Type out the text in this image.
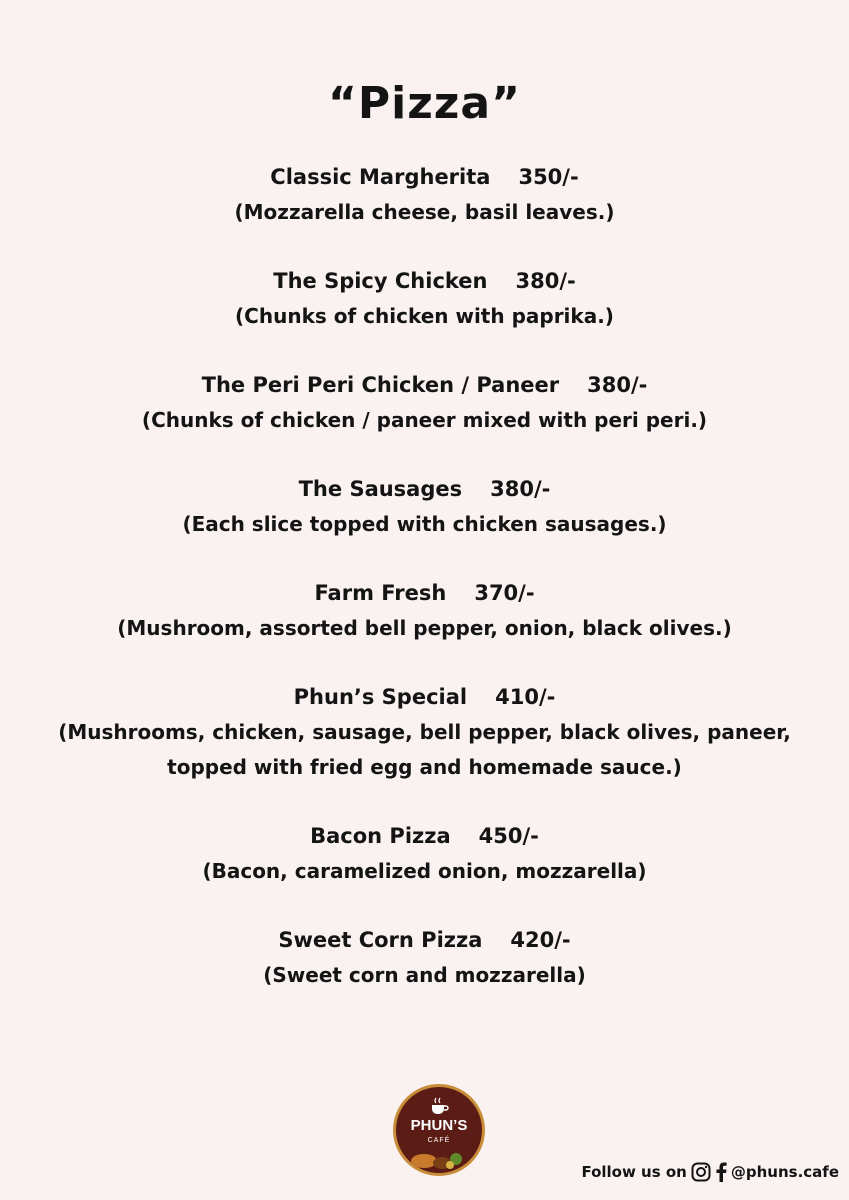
“Pizza”
Classic Margherita 350/-
(Mozzarella cheese, basil leaves.)
The Spicy Chicken 380/-
(Chunks of chicken with paprika.)
The Peri Peri Chicken / Paneer 380/-
(Chunks of chicken / paneer mixed with peri peri.)
The Sausages 380/-
(Each slice topped with chicken sausages.)
Farm Fresh 370/-
(Mushroom, assorted bell pepper, onion, black olives.)
Phun’s Special 410/-
(Mushrooms, chicken, sausage, bell pepper, black olives, paneer,
topped with fried egg and homemade sauce.)
Bacon Pizza 450/-
(Bacon, caramelized onion, mozzarella)
Sweet Corn Pizza 420/-
(Sweet corn and mozzarella)
PHUN’S
CAFÉ
Follow us on	@phuns.cafe
